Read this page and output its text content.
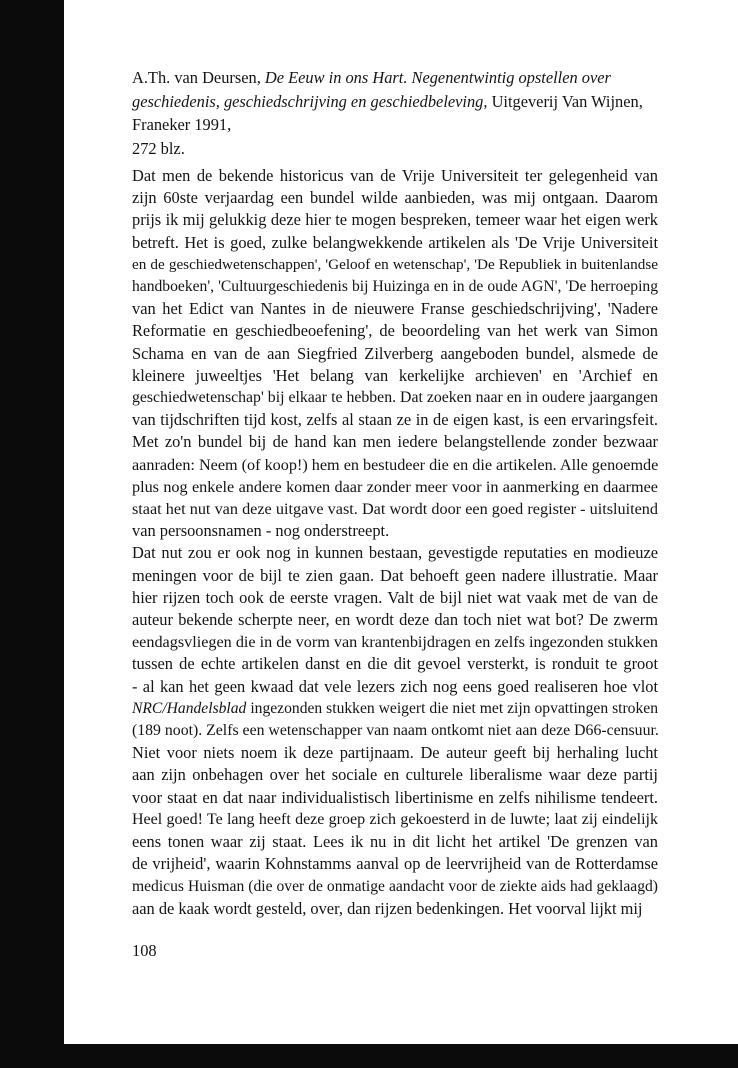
A.Th. van Deursen, De Eeuw in ons Hart. Negenentwintig opstellen over geschiedenis, geschiedschrijving en geschiedbeleving, Uitgeverij Van Wijnen, Franeker 1991,
272 blz.
Dat men de bekende historicus van de Vrije Universiteit ter gelegenheid van
zijn 60ste verjaardag een bundel wilde aanbieden, was mij ontgaan. Daarom
prijs ik mij gelukkig deze hier te mogen bespreken, temeer waar het eigen werk
betreft. Het is goed, zulke belangwekkende artikelen als 'De Vrije Universiteit
en de geschiedwetenschappen', 'Geloof en wetenschap', 'De Republiek in buitenlandse
handboeken', 'Cultuurgeschiedenis bij Huizinga en in de oude AGN', 'De herroeping
van het Edict van Nantes in de nieuwere Franse geschiedschrijving', 'Nadere
Reformatie en geschiedbeoefening', de beoordeling van het werk van Simon
Schama en van de aan Siegfried Zilverberg aangeboden bundel, alsmede de
kleinere juweeltjes 'Het belang van kerkelijke archieven' en 'Archief en
geschiedwetenschap' bij elkaar te hebben. Dat zoeken naar en in oudere jaargangen
van tijdschriften tijd kost, zelfs al staan ze in de eigen kast, is een ervaringsfeit.
Met zo'n bundel bij de hand kan men iedere belangstellende zonder bezwaar
aanraden: Neem (of koop!) hem en bestudeer die en die artikelen. Alle genoemde
plus nog enkele andere komen daar zonder meer voor in aanmerking en daarmee
staat het nut van deze uitgave vast. Dat wordt door een goed register - uitsluitend
van persoonsnamen - nog onderstreept.
Dat nut zou er ook nog in kunnen bestaan, gevestigde reputaties en modieuze
meningen voor de bijl te zien gaan. Dat behoeft geen nadere illustratie. Maar
hier rijzen toch ook de eerste vragen. Valt de bijl niet wat vaak met de van de
auteur bekende scherpte neer, en wordt deze dan toch niet wat bot? De zwerm
eendagsvliegen die in de vorm van krantenbijdragen en zelfs ingezonden stukken
tussen de echte artikelen danst en die dit gevoel versterkt, is ronduit te groot
- al kan het geen kwaad dat vele lezers zich nog eens goed realiseren hoe vlot
NRC/Handelsblad ingezonden stukken weigert die niet met zijn opvattingen stroken
(189 noot). Zelfs een wetenschapper van naam ontkomt niet aan deze D66-censuur.
Niet voor niets noem ik deze partijnaam. De auteur geeft bij herhaling lucht
aan zijn onbehagen over het sociale en culturele liberalisme waar deze partij
voor staat en dat naar individualistisch libertinisme en zelfs nihilisme tendeert.
Heel goed! Te lang heeft deze groep zich gekoesterd in de luwte; laat zij eindelijk
eens tonen waar zij staat. Lees ik nu in dit licht het artikel 'De grenzen van
de vrijheid', waarin Kohnstamms aanval op de leervrijheid van de Rotterdamse
medicus Huisman (die over de onmatige aandacht voor de ziekte aids had geklaagd)
aan de kaak wordt gesteld, over, dan rijzen bedenkingen. Het voorval lijkt mij
108
